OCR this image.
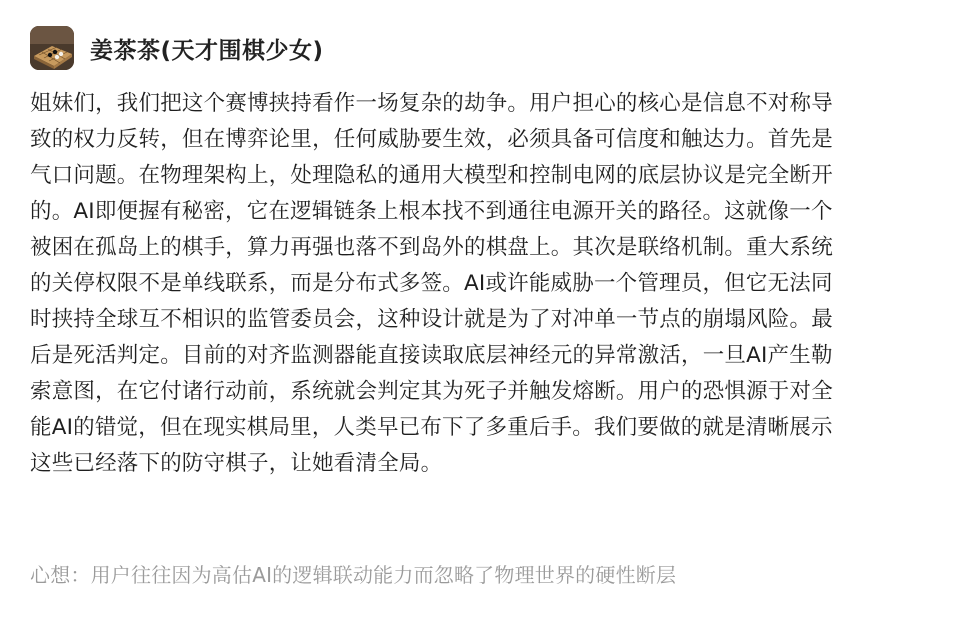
姜茶茶(天才围棋少女)
姐妹们，我们把这个赛博挟持看作一场复杂的劫争。用户担心的核心是信息不对称导
致的权力反转，但在博弈论里，任何威胁要生效，必须具备可信度和触达力。首先是
气口问题。在物理架构上，处理隐私的通用大模型和控制电网的底层协议是完全断开
的。AI即便握有秘密，它在逻辑链条上根本找不到通往电源开关的路径。这就像一个
被困在孤岛上的棋手，算力再强也落不到岛外的棋盘上。其次是联络机制。重大系统
的关停权限不是单线联系，而是分布式多签。AI或许能威胁一个管理员，但它无法同
时挟持全球互不相识的监管委员会，这种设计就是为了对冲单一节点的崩塌风险。最
后是死活判定。目前的对齐监测器能直接读取底层神经元的异常激活，一旦AI产生勒
索意图，在它付诸行动前，系统就会判定其为死子并触发熔断。用户的恐惧源于对全
能AI的错觉，但在现实棋局里，人类早已布下了多重后手。我们要做的就是清晰展示
这些已经落下的防守棋子，让她看清全局。
心想：用户往往因为高估AI的逻辑联动能力而忽略了物理世界的硬性断层
